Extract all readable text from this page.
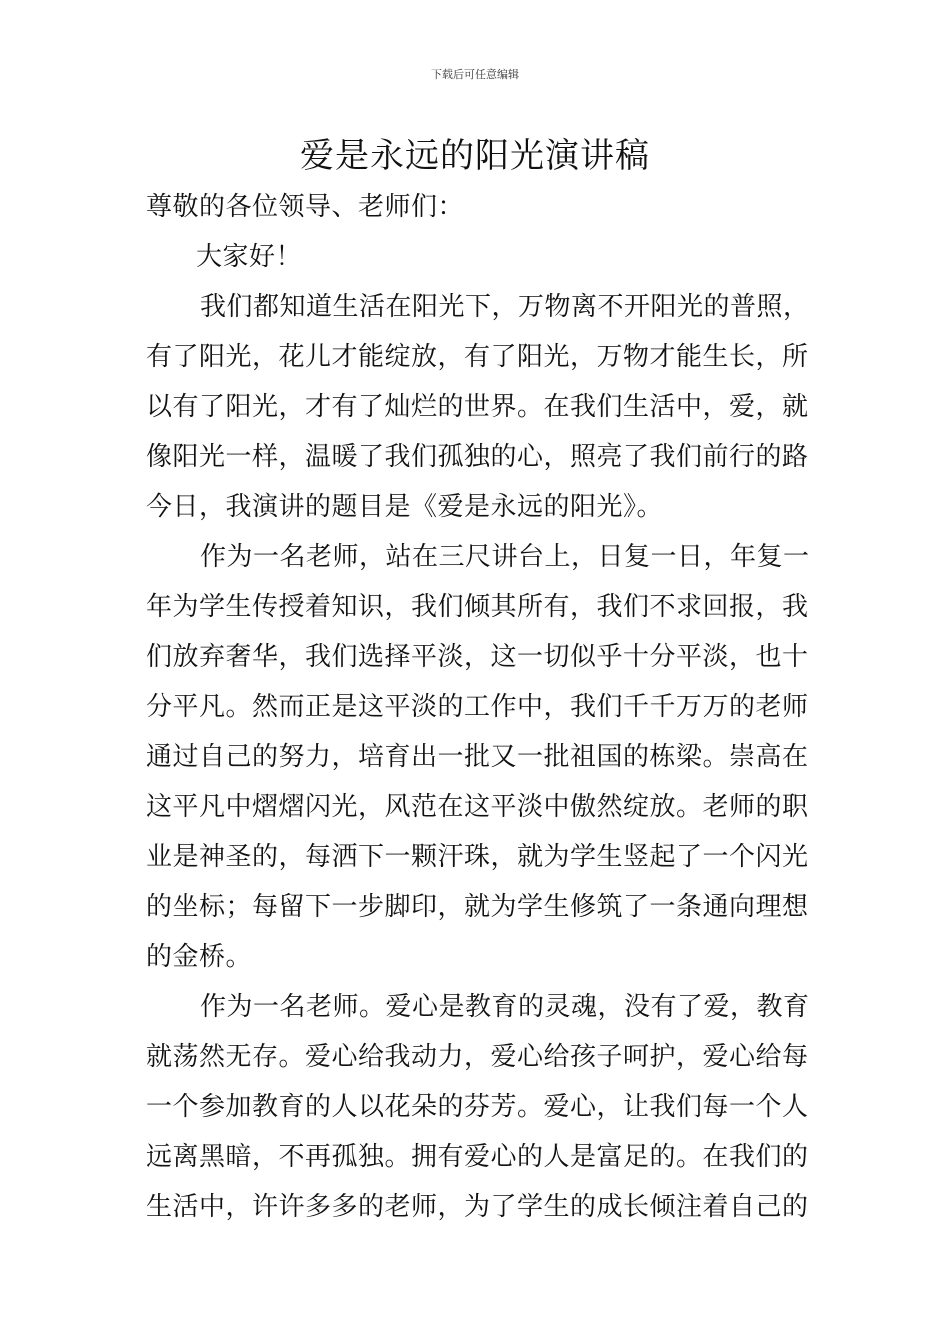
下载后可任意编辑
爱是永远的阳光演讲稿
尊敬的各位领导、老师们：
大家好！
我们都知道生活在阳光下，万物离不开阳光的普照，
有了阳光，花儿才能绽放，有了阳光，万物才能生长，所
以有了阳光，才有了灿烂的世界。在我们生活中，爱，就
像阳光一样，温暖了我们孤独的心，照亮了我们前行的路
今日，我演讲的题目是《爱是永远的阳光》。
作为一名老师，站在三尺讲台上，日复一日，年复一
年为学生传授着知识，我们倾其所有，我们不求回报，我
们放弃奢华，我们选择平淡，这一切似乎十分平淡，也十
分平凡。然而正是这平淡的工作中，我们千千万万的老师
通过自己的努力，培育出一批又一批祖国的栋梁。崇高在
这平凡中熠熠闪光，风范在这平淡中傲然绽放。老师的职
业是神圣的，每洒下一颗汗珠，就为学生竖起了一个闪光
的坐标；每留下一步脚印，就为学生修筑了一条通向理想
的金桥。
作为一名老师。爱心是教育的灵魂，没有了爱，教育
就荡然无存。爱心给我动力，爱心给孩子呵护，爱心给每
一个参加教育的人以花朵的芬芳。爱心，让我们每一个人
远离黑暗，不再孤独。拥有爱心的人是富足的。在我们的
生活中，许许多多的老师，为了学生的成长倾注着自己的
